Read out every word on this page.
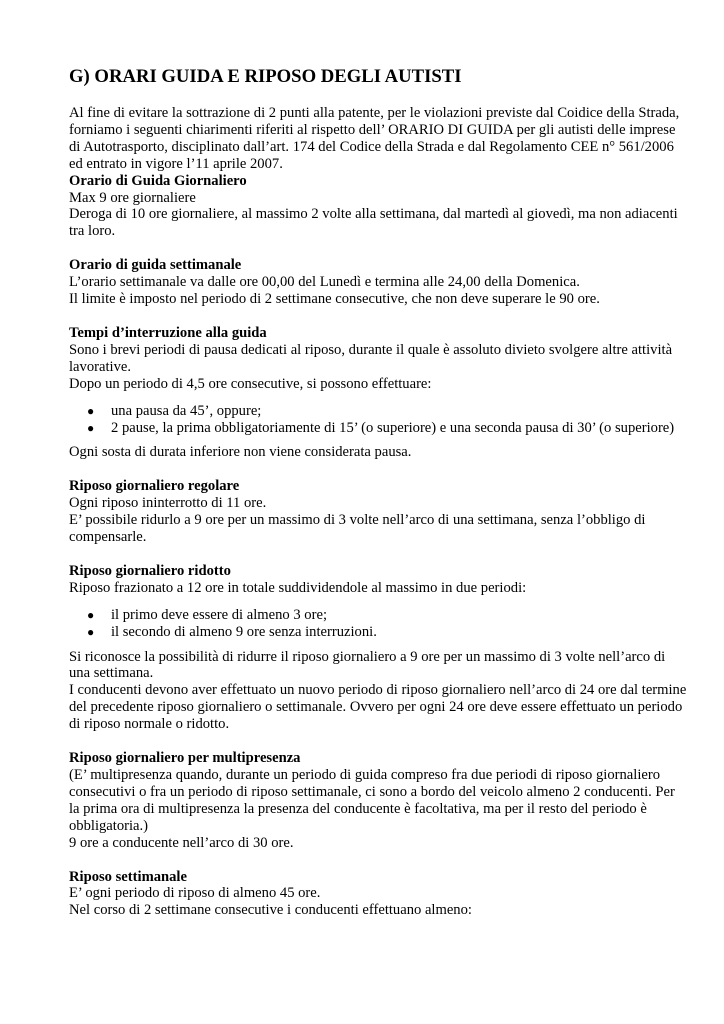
G) ORARI GUIDA E RIPOSO DEGLI AUTISTI

Al fine di evitare la sottrazione di 2 punti alla patente, per le violazioni previste dal Coidice della Strada, forniamo i seguenti chiarimenti riferiti al rispetto dell’ ORARIO DI GUIDA per gli autisti delle imprese di Autotrasporto, disciplinato dall’art. 174 del Codice della Strada e dal Regolamento CEE n° 561/2006 ed entrato in vigore l’11 aprile 2007.

Orario di Guida Giornaliero

Max 9 ore giornaliere

Deroga di 10 ore giornaliere, al massimo 2 volte alla settimana, dal martedì al giovedì, ma non adiacenti tra loro.

Orario di guida settimanale

L’orario settimanale va dalle ore 00,00 del Lunedì e termina alle 24,00 della Domenica.

Il limite è imposto nel periodo di 2 settimane consecutive, che non deve superare le 90 ore.

Tempi d’interruzione alla guida

Sono i brevi periodi di pausa dedicati al riposo, durante il quale è assoluto divieto svolgere altre attività lavorative.

Dopo un periodo di 4,5 ore consecutive, si possono effettuare:

● una pausa da 45’, oppure;
● 2 pause, la prima obbligatoriamente di 15’ (o superiore) e una seconda pausa di 30’ (o superiore)

Ogni sosta di durata inferiore non viene considerata pausa.

Riposo giornaliero regolare

Ogni riposo ininterrotto di 11 ore.

E’ possibile ridurlo a 9 ore per un massimo di 3 volte nell’arco di una settimana, senza l’obbligo di compensarle.

Riposo giornaliero ridotto

Riposo frazionato a 12 ore in totale suddividendole al massimo in due periodi:

● il primo deve essere di almeno 3 ore;
● il secondo di almeno 9 ore senza interruzioni.

Si riconosce la possibilità di ridurre il riposo giornaliero a 9 ore per un massimo di 3 volte nell’arco di una settimana.

I conducenti devono aver effettuato un nuovo periodo di riposo giornaliero nell’arco di 24 ore dal termine del precedente riposo giornaliero o settimanale. Ovvero per ogni 24 ore deve essere effettuato un periodo di riposo normale o ridotto.

Riposo giornaliero per multipresenza

(E’ multipresenza quando, durante un periodo di guida compreso fra due periodi di riposo giornaliero consecutivi o fra un periodo di riposo settimanale, ci sono a bordo del veicolo almeno 2 conducenti. Per la prima ora di multipresenza la presenza del conducente è facoltativa, ma per il resto del periodo è obbligatoria.)

9 ore a conducente nell’arco di 30 ore.

Riposo settimanale

E’ ogni periodo di riposo di almeno 45 ore.

Nel corso di 2 settimane consecutive i conducenti effettuano almeno:
